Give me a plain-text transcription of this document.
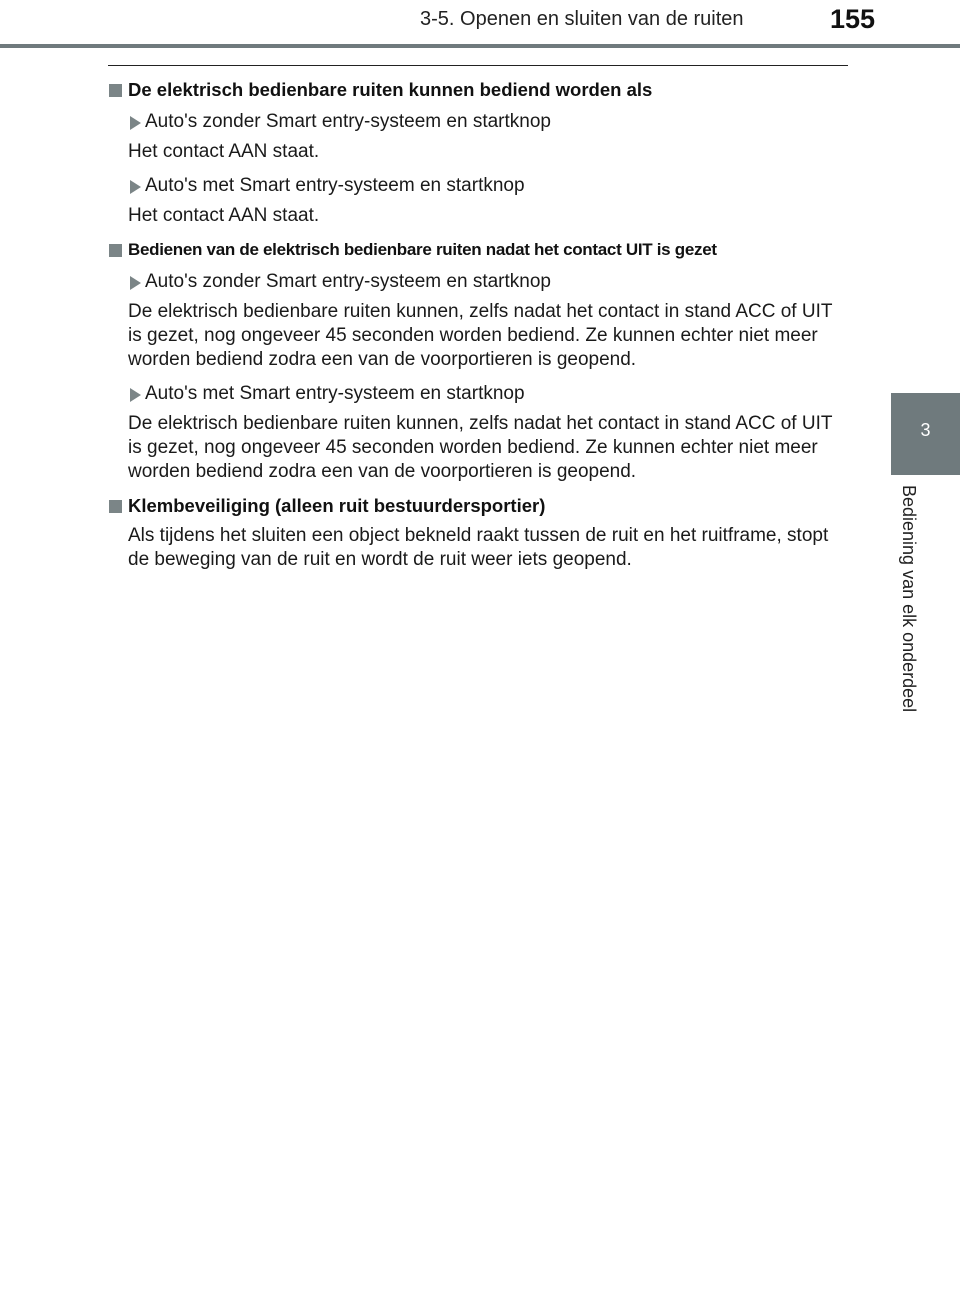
3-5. Openen en sluiten van de ruiten	155
3
Bediening van elk onderdeel
De elektrisch bedienbare ruiten kunnen bediend worden als
Auto's zonder Smart entry-systeem en startknop
Het contact AAN staat.
Auto's met Smart entry-systeem en startknop
Het contact AAN staat.
Bedienen van de elektrisch bedienbare ruiten nadat het contact UIT is gezet
Auto's zonder Smart entry-systeem en startknop
De elektrisch bedienbare ruiten kunnen, zelfs nadat het contact in stand ACC of UIT is gezet, nog ongeveer 45 seconden worden bediend. Ze kunnen echter niet meer worden bediend zodra een van de voorportieren is geopend.
Auto's met Smart entry-systeem en startknop
De elektrisch bedienbare ruiten kunnen, zelfs nadat het contact in stand ACC of UIT is gezet, nog ongeveer 45 seconden worden bediend. Ze kunnen echter niet meer worden bediend zodra een van de voorportieren is geopend.
Klembeveiliging (alleen ruit bestuurdersportier)
Als tijdens het sluiten een object bekneld raakt tussen de ruit en het ruitframe, stopt de beweging van de ruit en wordt de ruit weer iets geopend.
